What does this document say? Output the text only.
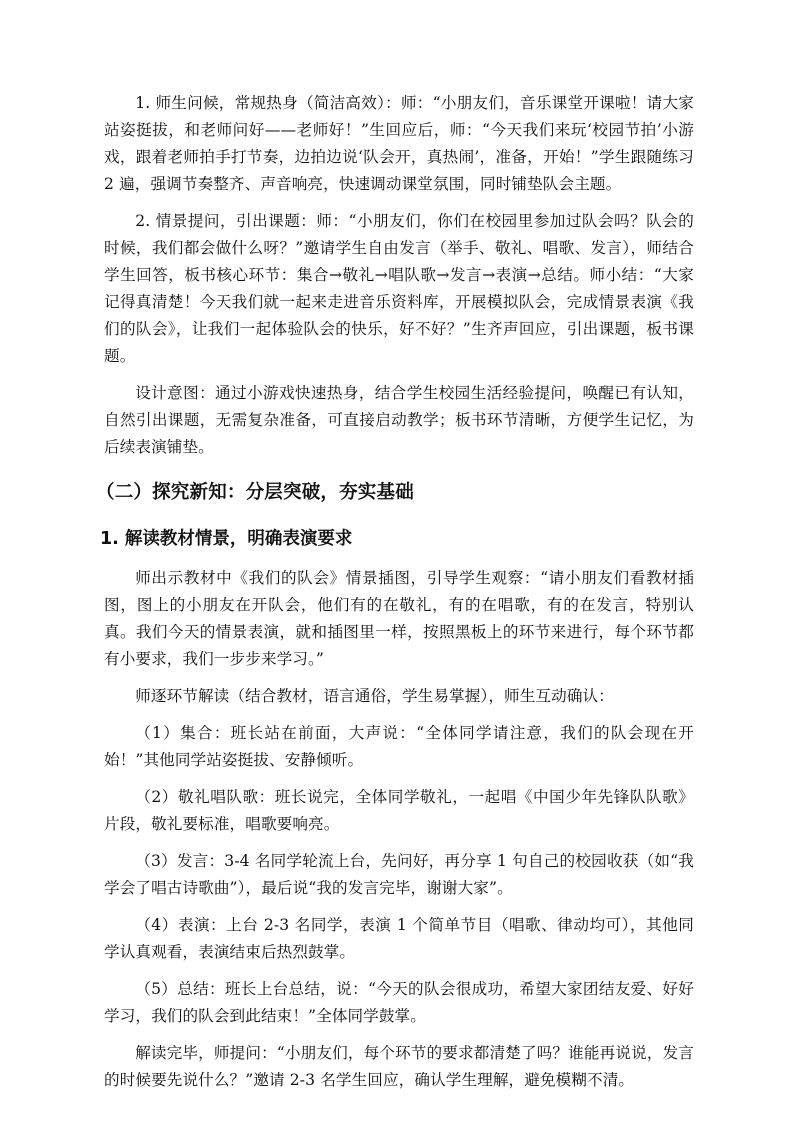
1. 师生问候，常规热身（简洁高效）：师：“小朋友们，音乐课堂开课啦！请大家站姿挺拔，和老师问好——老师好！”生回应后，师：“今天我们来玩‘校园节拍’小游戏，跟着老师拍手打节奏，边拍边说‘队会开，真热闹’，准备，开始！”学生跟随练习 2 遍，强调节奏整齐、声音响亮，快速调动课堂氛围，同时铺垫队会主题。

2. 情景提问，引出课题：师：“小朋友们，你们在校园里参加过队会吗？队会的时候，我们都会做什么呀？”邀请学生自由发言（举手、敬礼、唱歌、发言），师结合学生回答，板书核心环节：集合→敬礼→唱队歌→发言→表演→总结。师小结：“大家记得真清楚！今天我们就一起来走进音乐资料库，开展模拟队会，完成情景表演《我们的队会》，让我们一起体验队会的快乐，好不好？”生齐声回应，引出课题，板书课题。

设计意图：通过小游戏快速热身，结合学生校园生活经验提问，唤醒已有认知，自然引出课题，无需复杂准备，可直接启动教学；板书环节清晰，方便学生记忆，为后续表演铺垫。

（二）探究新知：分层突破，夯实基础
1. 解读教材情景，明确表演要求

师出示教材中《我们的队会》情景插图，引导学生观察：“请小朋友们看教材插图，图上的小朋友在开队会，他们有的在敬礼，有的在唱歌，有的在发言，特别认真。我们今天的情景表演，就和插图里一样，按照黑板上的环节来进行，每个环节都有小要求，我们一步步来学习。”

师逐环节解读（结合教材，语言通俗，学生易掌握），师生互动确认：

（1）集合：班长站在前面，大声说：“全体同学请注意，我们的队会现在开始！”其他同学站姿挺拔、安静倾听。

（2）敬礼唱队歌：班长说完，全体同学敬礼，一起唱《中国少年先锋队队歌》片段，敬礼要标准，唱歌要响亮。

（3）发言：3-4 名同学轮流上台，先问好，再分享 1 句自己的校园收获（如“我学会了唱古诗歌曲”），最后说“我的发言完毕，谢谢大家”。

（4）表演：上台 2-3 名同学，表演 1 个简单节目（唱歌、律动均可），其他同学认真观看，表演结束后热烈鼓掌。

（5）总结：班长上台总结，说：“今天的队会很成功，希望大家团结友爱、好好学习，我们的队会到此结束！”全体同学鼓掌。

解读完毕，师提问：“小朋友们，每个环节的要求都清楚了吗？谁能再说说，发言的时候要先说什么？”邀请 2-3 名学生回应，确认学生理解，避免模糊不清。
